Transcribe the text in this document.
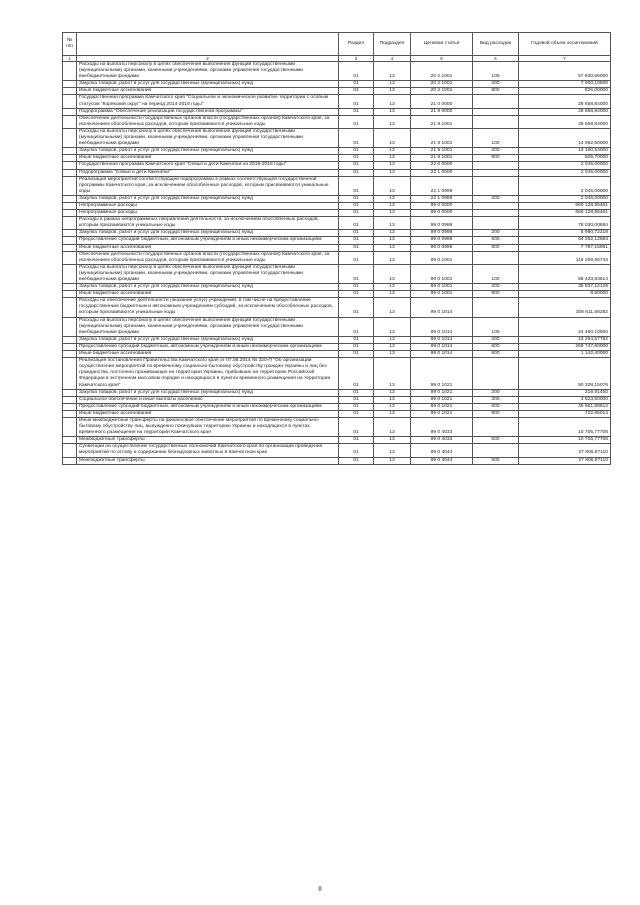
№ п/п		Раздел	Подраздел	Целевая статья	Вид расходов	Годовой объем ассигнований
1	2	3	4	5	6	7
	Расходы на выплаты персоналу в целях обеспечения выполнения функций государственными (муниципальными) органами, казенными учреждениями, органами управления государственными внебюджетными фондами	01	13	20 2 1001	100	57 830,66000
	Закупка товаров, работ и услуг для государственных (муниципальных) нужд	01	13	20 2 1001	200	7 900,10800
	Иные бюджетные ассигнования	01	13	20 2 1001	800	826,00000
	Государственная программа Камчатского края "Социальное и экономическое развитие территории с особым статусом "Корякский округ" на период 2014-2018 годы"	01	13	21 0 0000		28 658,84000
	Подпрограмма "Обеспечение реализации государственной программы"	01	13	21 9 0000		28 658,84000
	Обеспечение деятельности государственных органов власти (государственных органов) Камчатского края, за исключением обособленных расходов, которым присваиваются уникальные коды	01	13	21 9 1001		28 658,84000
	Расходы на выплаты персоналу в целях обеспечения выполнения функций государственными (муниципальными) органами, казенными учреждениями, органами управления государственными внебюджетными фондами	01	13	21 9 1001	100	14 962,60000
	Закупка товаров, работ и услуг для государственных (муниципальных) нужд	01	13	21 9 1001	200	13 190,54000
	Иные бюджетные ассигнования	01	13	21 9 1001	800	505,70000
	Государственная программа Камчатского края "Семья и дети Камчатки на 2015-2018 годы"	01	13	22 0 0000		2 045,00000
	Подпрограмма "Семья и дети Камчатки"	01	13	22 1 0000		2 045,00000
	Реализация мероприятий соответствующей подпрограммы в рамках соответствующей государственной программы Камчатского края, за исключением обособленных расходов, которым присваиваются уникальные коды	01	13	22 1 0999		2 045,00000
	Закупка товаров, работ и услуг для государственных (муниципальных) нужд	01	13	22 1 0999	200	2 045,00000
	Непрограммные расходы	01	13	99 0 0000		660 128,95461
	Непрограммные расходы	01	13	99 0 0000		660 128,95461
	Расходы в рамках непрограммных направлений деятельности, за исключением обособленных расходов, которым присваиваются уникальные коды	01	13	99 0 0998		78 030,00884
	Закупка товаров, работ и услуг для государственных (муниципальных) нужд	01	13	99 0 0998	200	5 980,72219
	Предоставление субсидий бюджетным, автономным учреждениям и иным некоммерческим организациям	01	13	99 0 0998	600	64 262,12684
	Иные бюджетные ассигнования	01	13	99 0 0998	800	7 787,15981
	Обеспечение деятельности государственных органов власти (государственных органов) Камчатского края, за исключением обособленных расходов, которым присваиваются уникальные коды	01	13	99 0 1001		116 269,95743
	Расходы на выплаты персоналу в целях обеспечения выполнения функций государственными (муниципальными) органами, казенными учреждениями, органами управления государственными внебюджетными фондами	01	13	99 0 1001	100	58 423,83614
	Закупка товаров, работ и услуг для государственных (муниципальных) нужд	01	13	99 0 1001	200	35 837,12129
	Иные бюджетные ассигнования	01	13	99 0 1001	800	8,50000
	Расходы на обеспечение деятельности (оказание услуг) учреждений, в том числе на предоставление государственным бюджетным и автономным учреждениям субсидий, за исключением обособленных расходов, которым присваиваются уникальные коды	01	13	99 0 1014		308 611,68282
	Расходы на выплаты персоналу в целях обеспечения выполнения функций государственными (муниципальными) органами, казенными учреждениями, органами управления государственными внебюджетными фондами	01	13	99 0 1014	100	24 460,10500
	Закупка товаров, работ и услуг для государственных (муниципальных) нужд	01	13	99 0 1014	200	13 264,57782
	Предоставление субсидий бюджетным, автономным учреждениям и иным некоммерческим организациям	01	13	99 0 1014	600	269 747,60000
	Иные бюджетные ассигнования	01	13	99 0 1014	800	1 142,40000
	Реализация постановления Правительства Камчатского края от 07.08.2014 № 320-П "Об организации осуществления мероприятий по временному социально-бытовому обустройству граждан Украины и лиц без гражданства, постоянно проживающих на территории Украины, прибывших на территорию Российской Федерации в экстренном массовом порядке и находящихся в пунктах временного размещения на территории Камчатского края"	01	13	99 0 1021		50 328,15076
	Закупка товаров, работ и услуг для государственных (муниципальных) нужд	01	13	99 0 1021	200	319,91450
	Социальное обеспечение и иные выплаты населению	01	13	99 0 1021	300	3 623,50000
	Предоставление субсидий бюджетным, автономным учреждениям и иным некоммерческим организациям	01	13	99 0 1021	600	45 661,88612
	Иные бюджетные ассигнования	01	13	99 0 1021	800	722,85014
	Иные межбюджетные трансферты на финансовое обеспечение мероприятий по временному социально-бытовому обустройству лиц, вынужденно покинувших территорию Украины и находящихся в пунктах временного размещения на территории Камчатского края	01	13	99 0 4033		10 705,77708
	Межбюджетные трансферты	01	13	99 0 4033	500	10 705,77708
	Субвенции на осуществление государственных полномочий Камчатского края по организации проведения мероприятий по отлову и содержанию безнадзорных животных в Камчатском крае	01	13	99 0 4044		27 806,87110
	Межбюджетные трансферты	01	13	99 0 4044	500	27 806,87110
8
